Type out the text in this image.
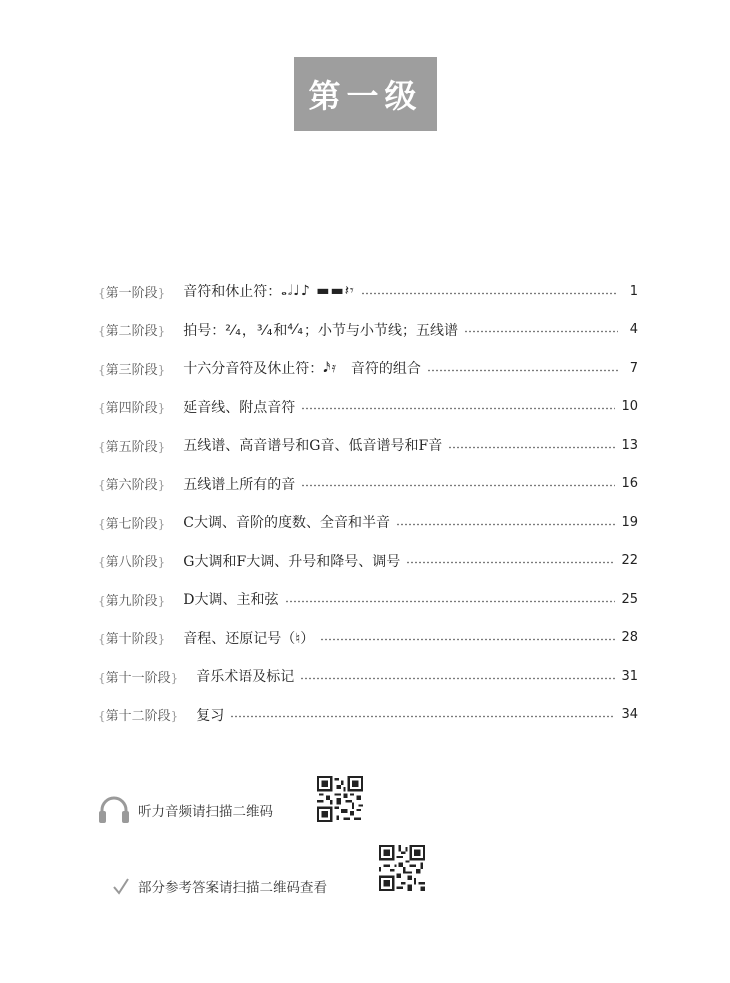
第一级
{第一阶段}	音符和休止符： 𝅝𝅗𝅥♩♪ ▬▬𝄽𝄾	1
{第二阶段}	拍号： ²⁄₄，³⁄₄ 和 ⁴⁄₄ ；小节与小节线；五线谱	4
{第三阶段}	十六分音符及休止符： 𝅘𝅥𝅯𝄿 音符的组合	7
{第四阶段}	延音线、附点音符	10
{第五阶段}	五线谱、高音谱号和G音、低音谱号和F音	13
{第六阶段}	五线谱上所有的音	16
{第七阶段}	C大调、音阶的度数、全音和半音	19
{第八阶段}	G大调和F大调、升号和降号、调号	22
{第九阶段}	D大调、主和弦	25
{第十阶段}	音程、还原记号（♮）	28
{第十一阶段}	音乐术语及标记	31
{第十二阶段}	复习	34
听力音频请扫描二维码
部分参考答案请扫描二维码查看
